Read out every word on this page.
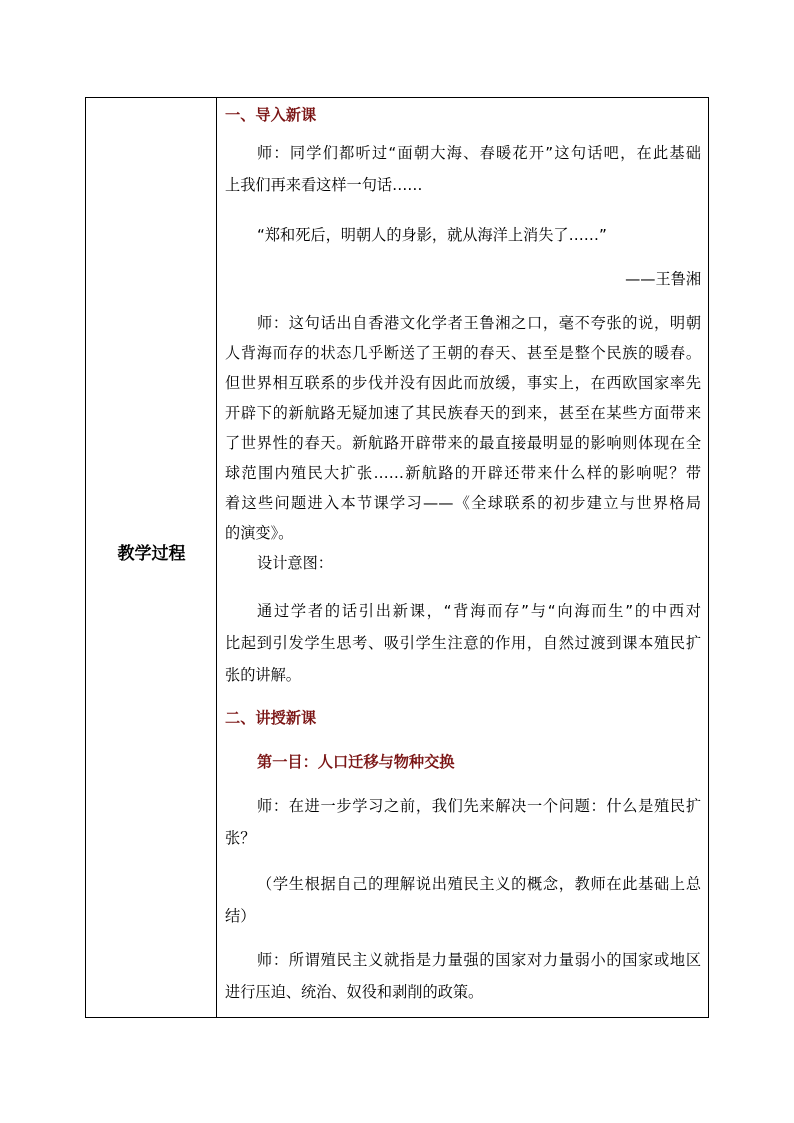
教学过程
一、导入新课
师：同学们都听过“面朝大海、春暖花开”这句话吧，在此基础
上我们再来看这样一句话……
“郑和死后，明朝人的身影，就从海洋上消失了……”
——王鲁湘
师：这句话出自香港文化学者王鲁湘之口，毫不夸张的说，明朝
人背海而存的状态几乎断送了王朝的春天、甚至是整个民族的暖春。
但世界相互联系的步伐并没有因此而放缓，事实上，在西欧国家率先
开辟下的新航路无疑加速了其民族春天的到来，甚至在某些方面带来
了世界性的春天。新航路开辟带来的最直接最明显的影响则体现在全
球范围内殖民大扩张……新航路的开辟还带来什么样的影响呢？带
着这些问题进入本节课学习——《全球联系的初步建立与世界格局
的演变》。
设计意图：
通过学者的话引出新课，“背海而存”与“向海而生”的中西对
比起到引发学生思考、吸引学生注意的作用，自然过渡到课本殖民扩
张的讲解。
二、讲授新课
第一目：人口迁移与物种交换
师：在进一步学习之前，我们先来解决一个问题：什么是殖民扩
张？
（学生根据自己的理解说出殖民主义的概念，教师在此基础上总
结）
师：所谓殖民主义就指是力量强的国家对力量弱小的国家或地区
进行压迫、统治、奴役和剥削的政策。
